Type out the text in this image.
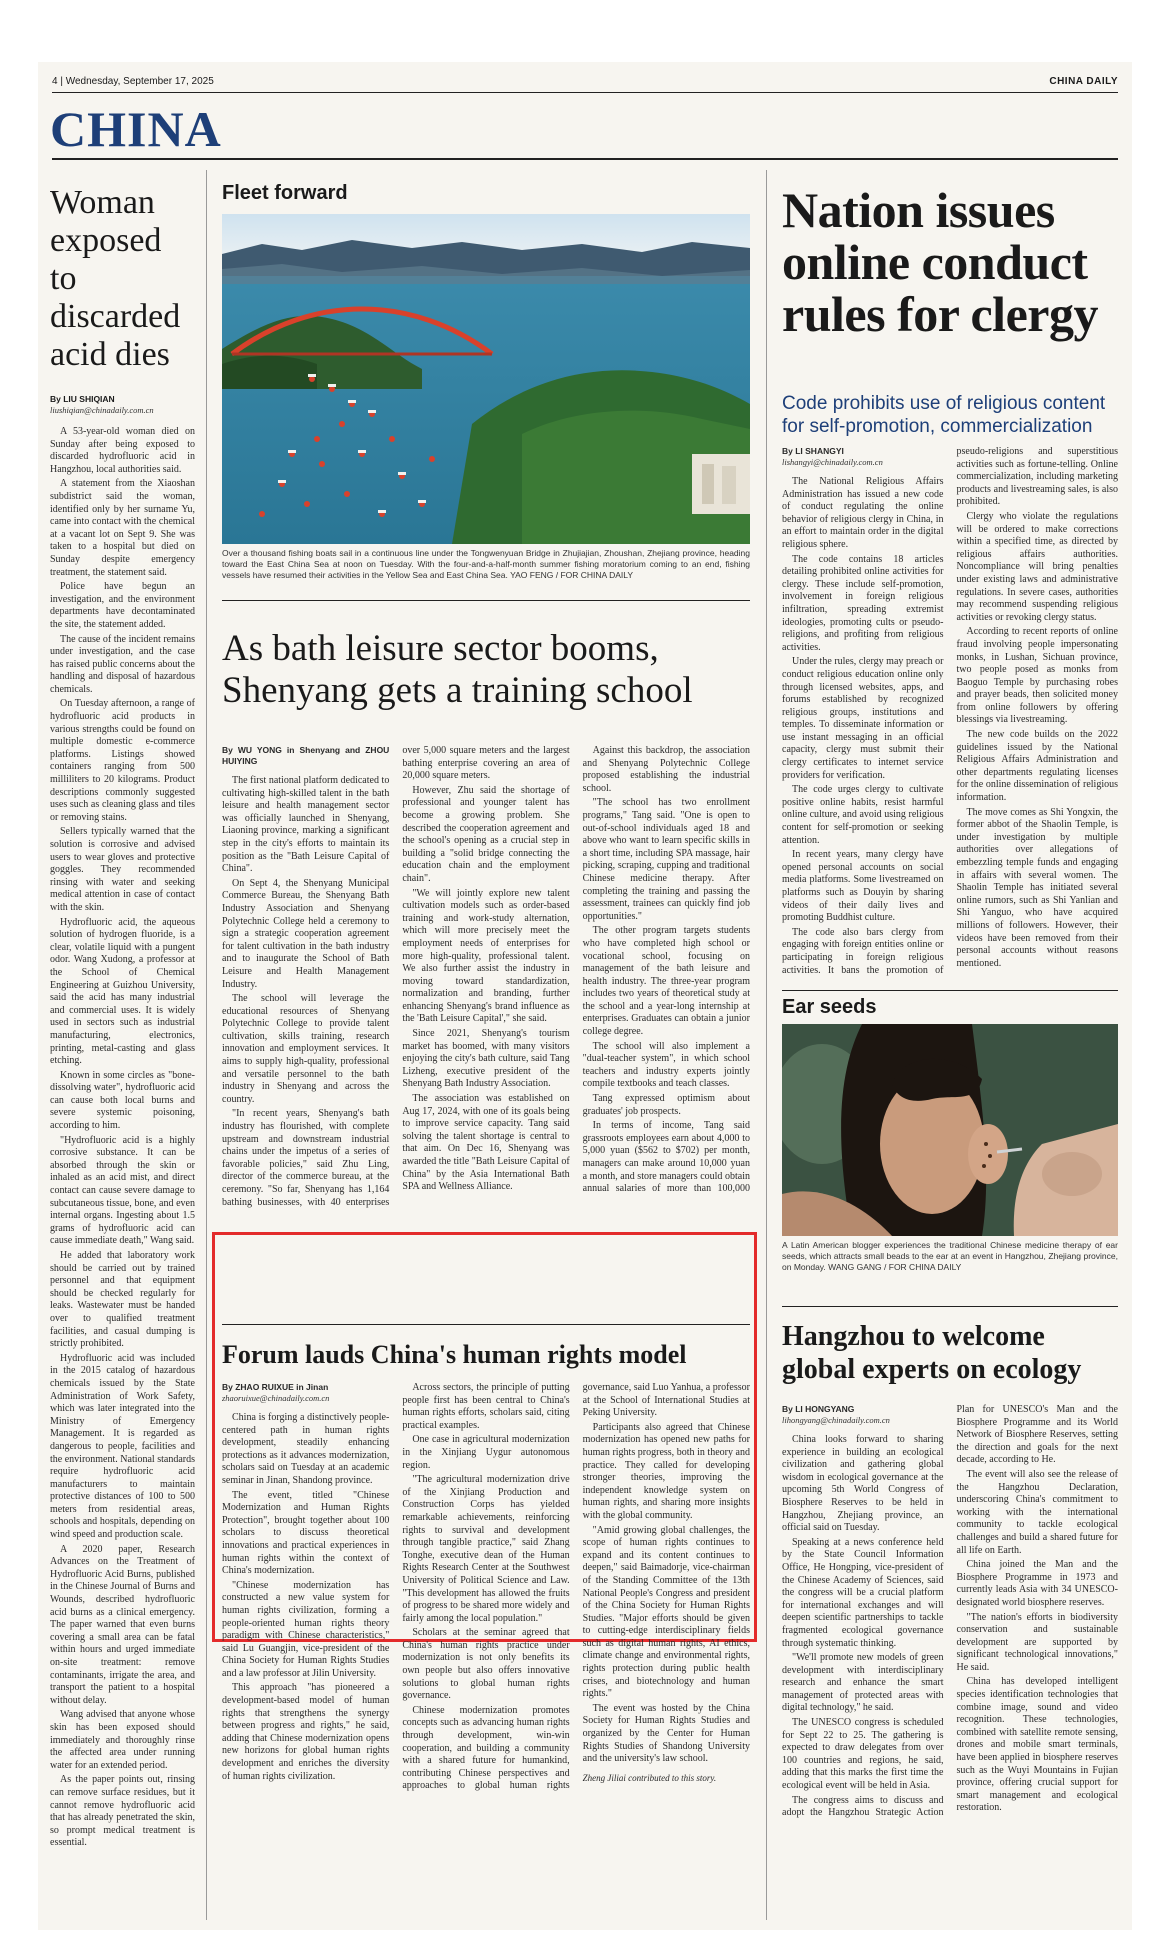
4 | Wednesday, September 17, 2025	CHINA DAILY
CHINA
Woman exposed to discarded acid dies
By LIU SHIQIAN
liushiqian@chinadaily.com.cn

A 53-year-old woman died on Sunday after being exposed to discarded hydrofluoric acid in Hangzhou, local authorities said.

A statement from the Xiaoshan subdistrict said the woman, identified only by her surname Yu, came into contact with the chemical at a vacant lot on Sept 9. She was taken to a hospital but died on Sunday despite emergency treatment, the statement said.

Police have begun an investigation, and the environment departments have decontaminated the site, the statement added.

The cause of the incident remains under investigation, and the case has raised public concerns about the handling and disposal of hazardous chemicals.

On Tuesday afternoon, a range of hydrofluoric acid products in various strengths could be found on multiple domestic e-commerce platforms. Listings showed containers ranging from 500 milliliters to 20 kilograms. Product descriptions commonly suggested uses such as cleaning glass and tiles or removing stains.

Sellers typically warned that the solution is corrosive and advised users to wear gloves and protective goggles. They recommended rinsing with water and seeking medical attention in case of contact with the skin.

Hydrofluoric acid, the aqueous solution of hydrogen fluoride, is a clear, volatile liquid with a pungent odor. Wang Xudong, a professor at the School of Chemical Engineering at Guizhou University, said the acid has many industrial and commercial uses. It is widely used in sectors such as industrial manufacturing, electronics, printing, metal-casting and glass etching.

Known in some circles as "bone-dissolving water", hydrofluoric acid can cause both local burns and severe systemic poisoning, according to him.

"Hydrofluoric acid is a highly corrosive substance. It can be absorbed through the skin or inhaled as an acid mist, and direct contact can cause severe damage to subcutaneous tissue, bone, and even internal organs. Ingesting about 1.5 grams of hydrofluoric acid can cause immediate death," Wang said.

He added that laboratory work should be carried out by trained personnel and that equipment should be checked regularly for leaks. Wastewater must be handed over to qualified treatment facilities, and casual dumping is strictly prohibited.

Hydrofluoric acid was included in the 2015 catalog of hazardous chemicals issued by the State Administration of Work Safety, which was later integrated into the Ministry of Emergency Management. It is regarded as dangerous to people, facilities and the environment. National standards require hydrofluoric acid manufacturers to maintain protective distances of 100 to 500 meters from residential areas, schools and hospitals, depending on wind speed and production scale.

A 2020 paper, Research Advances on the Treatment of Hydrofluoric Acid Burns, published in the Chinese Journal of Burns and Wounds, described hydrofluoric acid burns as a clinical emergency. The paper warned that even burns covering a small area can be fatal within hours and urged immediate on-site treatment: remove contaminants, irrigate the area, and transport the patient to a hospital without delay.

Wang advised that anyone whose skin has been exposed should immediately and thoroughly rinse the affected area under running water for an extended period.

As the paper points out, rinsing can remove surface residues, but it cannot remove hydrofluoric acid that has already penetrated the skin, so prompt medical treatment is essential.

Fleet forward
Over a thousand fishing boats sail in a continuous line under the Tongwenyuan Bridge in Zhujiajian, Zhoushan, Zhejiang province, heading toward the East China Sea at noon on Tuesday. With the four-and-a-half-month summer fishing moratorium coming to an end, fishing vessels have resumed their activities in the Yellow Sea and East China Sea. YAO FENG / FOR CHINA DAILY
As bath leisure sector booms, Shenyang gets a training school
By WU YONG in Shenyang and ZHOU HUIYING

The first national platform dedicated to cultivating high-skilled talent in the bath leisure and health management sector was officially launched in Shenyang, Liaoning province, marking a significant step in the city's efforts to maintain its position as the "Bath Leisure Capital of China".

On Sept 4, the Shenyang Municipal Commerce Bureau, the Shenyang Bath Industry Association and Shenyang Polytechnic College held a ceremony to sign a strategic cooperation agreement for talent cultivation in the bath industry and to inaugurate the School of Bath Leisure and Health Management Industry.

The school will leverage the educational resources of Shenyang Polytechnic College to provide talent cultivation, skills training, research innovation and employment services. It aims to supply high-quality, professional and versatile personnel to the bath industry in Shenyang and across the country.

"In recent years, Shenyang's bath industry has flourished, with complete upstream and downstream industrial chains under the impetus of a series of favorable policies," said Zhu Ling, director of the commerce bureau, at the ceremony. "So far, Shenyang has 1,164 bathing businesses, with 40 enterprises over 5,000 square meters and the largest bathing enterprise covering an area of 20,000 square meters.

However, Zhu said the shortage of professional and younger talent has become a growing problem. She described the cooperation agreement and the school's opening as a crucial step in building a "solid bridge connecting the education chain and the employment chain".

"We will jointly explore new talent cultivation models such as order-based training and work-study alternation, which will more precisely meet the employment needs of enterprises for more high-quality, professional talent. We also further assist the industry in moving toward standardization, normalization and branding, further enhancing Shenyang's brand influence as the 'Bath Leisure Capital'," she said.

Since 2021, Shenyang's tourism market has boomed, with many visitors enjoying the city's bath culture, said Tang Lizheng, executive president of the Shenyang Bath Industry Association.

The association was established on Aug 17, 2024, with one of its goals being to improve service capacity. Tang said solving the talent shortage is central to that aim. On Dec 16, Shenyang was awarded the title "Bath Leisure Capital of China" by the Asia International Bath SPA and Wellness Alliance.

Against this backdrop, the association and Shenyang Polytechnic College proposed establishing the industrial school.

"The school has two enrollment programs," Tang said. "One is open to out-of-school individuals aged 18 and above who want to learn specific skills in a short time, including SPA massage, hair picking, scraping, cupping and traditional Chinese medicine therapy. After completing the training and passing the assessment, trainees can quickly find job opportunities."

The other program targets students who have completed high school or vocational school, focusing on management of the bath leisure and health industry. The three-year program includes two years of theoretical study at the school and a year-long internship at enterprises. Graduates can obtain a junior college degree.

The school will also implement a "dual-teacher system", in which school teachers and industry experts jointly compile textbooks and teach classes.

Tang expressed optimism about graduates' job prospects.

In terms of income, Tang said grassroots employees earn about 4,000 to 5,000 yuan ($562 to $702) per month, managers can make around 10,000 yuan a month, and store managers could obtain annual salaries of more than 100,000

Forum lauds China's human rights model
By ZHAO RUIXUE in Jinan
zhaoruixue@chinadaily.com.cn

China is forging a distinctively people-centered path in human rights development, steadily enhancing protections as it advances modernization, scholars said on Tuesday at an academic seminar in Jinan, Shandong province.

The event, titled "Chinese Modernization and Human Rights Protection", brought together about 100 scholars to discuss theoretical innovations and practical experiences in human rights within the context of China's modernization.

"Chinese modernization has constructed a new value system for human rights civilization, forming a people-oriented human rights theory paradigm with Chinese characteristics," said Lu Guangjin, vice-president of the China Society for Human Rights Studies and a law professor at Jilin University.

This approach "has pioneered a development-based model of human rights that strengthens the synergy between progress and rights," he said, adding that Chinese modernization opens new horizons for global human rights development and enriches the diversity of human rights civilization.

Across sectors, the principle of putting people first has been central to China's human rights efforts, scholars said, citing practical examples.

One case in agricultural modernization in the Xinjiang Uygur autonomous region.

"The agricultural modernization drive of the Xinjiang Production and Construction Corps has yielded remarkable achievements, reinforcing rights to survival and development through tangible practice," said Zhang Tonghe, executive dean of the Human Rights Research Center at the Southwest University of Political Science and Law. "This development has allowed the fruits of progress to be shared more widely and fairly among the local population."

Scholars at the seminar agreed that China's human rights practice under modernization is not only benefits its own people but also offers innovative solutions to global human rights governance.

Chinese modernization promotes concepts such as advancing human rights through development, win-win cooperation, and building a community with a shared future for humankind, contributing Chinese perspectives and approaches to global human rights governance, said Luo Yanhua, a professor at the School of International Studies at Peking University.

Participants also agreed that Chinese modernization has opened new paths for human rights progress, both in theory and practice. They called for developing stronger theories, improving the independent knowledge system on human rights, and sharing more insights with the global community.

"Amid growing global challenges, the scope of human rights continues to expand and its content continues to deepen," said Baimadorje, vice-chairman of the Standing Committee of the 13th National People's Congress and president of the China Society for Human Rights Studies. "Major efforts should be given to cutting-edge interdisciplinary fields such as digital human rights, AI ethics, climate change and environmental rights, rights protection during public health crises, and biotechnology and human rights."

The event was hosted by the China Society for Human Rights Studies and organized by the Center for Human Rights Studies of Shandong University and the university's law school.

Zheng Jiliai contributed to this story.

Nation issues online conduct rules for clergy
Code prohibits use of religious content for self-promotion, commercialization
By LI SHANGYI
lishangyi@chinadaily.com.cn

The National Religious Affairs Administration has issued a new code of conduct regulating the online behavior of religious clergy in China, in an effort to maintain order in the digital religious sphere.

The code contains 18 articles detailing prohibited online activities for clergy. These include self-promotion, involvement in foreign religious infiltration, spreading extremist ideologies, promoting cults or pseudo-religions, and profiting from religious activities.

Under the rules, clergy may preach or conduct religious education online only through licensed websites, apps, and forums established by recognized religious groups, institutions and temples. To disseminate information or use instant messaging in an official capacity, clergy must submit their clergy certificates to internet service providers for verification.

The code urges clergy to cultivate positive online habits, resist harmful online culture, and avoid using religious content for self-promotion or seeking attention.

In recent years, many clergy have opened personal accounts on social media platforms. Some livestreamed on platforms such as Douyin by sharing videos of their daily lives and promoting Buddhist culture.

The code also bars clergy from engaging with foreign entities online or participating in foreign religious activities. It bans the promotion of pseudo-religions and superstitious activities such as fortune-telling. Online commercialization, including marketing products and livestreaming sales, is also prohibited.

Clergy who violate the regulations will be ordered to make corrections within a specified time, as directed by religious affairs authorities. Noncompliance will bring penalties under existing laws and administrative regulations. In severe cases, authorities may recommend suspending religious activities or revoking clergy status.

According to recent reports of online fraud involving people impersonating monks, in Lushan, Sichuan province, two people posed as monks from Baoguo Temple by purchasing robes and prayer beads, then solicited money from online followers by offering blessings via livestreaming.

The new code builds on the 2022 guidelines issued by the National Religious Affairs Administration and other departments regulating licenses for the online dissemination of religious information.

The move comes as Shi Yongxin, the former abbot of the Shaolin Temple, is under investigation by multiple authorities over allegations of embezzling temple funds and engaging in affairs with several women. The Shaolin Temple has initiated several online rumors, such as Shi Yanlian and Shi Yanguo, who have acquired millions of followers. However, their videos have been removed from their personal accounts without reasons mentioned.

Ear seeds
A Latin American blogger experiences the traditional Chinese medicine therapy of ear seeds, which attracts small beads to the ear at an event in Hangzhou, Zhejiang province, on Monday. WANG GANG / FOR CHINA DAILY
Hangzhou to welcome global experts on ecology
By LI HONGYANG
lihongyang@chinadaily.com.cn

China looks forward to sharing experience in building an ecological civilization and gathering global wisdom in ecological governance at the upcoming 5th World Congress of Biosphere Reserves to be held in Hangzhou, Zhejiang province, an official said on Tuesday.

Speaking at a news conference held by the State Council Information Office, He Hongping, vice-president of the Chinese Academy of Sciences, said the congress will be a crucial platform for international exchanges and will deepen scientific partnerships to tackle fragmented ecological governance through systematic thinking.

"We'll promote new models of green development with interdisciplinary research and enhance the smart management of protected areas with digital technology," he said.

The UNESCO congress is scheduled for Sept 22 to 25. The gathering is expected to draw delegates from over 100 countries and regions, he said, adding that this marks the first time the ecological event will be held in Asia.

The congress aims to discuss and adopt the Hangzhou Strategic Action Plan for UNESCO's Man and the Biosphere Programme and its World Network of Biosphere Reserves, setting the direction and goals for the next decade, according to He.

The event will also see the release of the Hangzhou Declaration, underscoring China's commitment to working with the international community to tackle ecological challenges and build a shared future for all life on Earth.

China joined the Man and the Biosphere Programme in 1973 and currently leads Asia with 34 UNESCO-designated world biosphere reserves.

"The nation's efforts in biodiversity conservation and sustainable development are supported by significant technological innovations," He said.

China has developed intelligent species identification technologies that combine image, sound and video recognition. These technologies, combined with satellite remote sensing, drones and mobile smart terminals, have been applied in biosphere reserves such as the Wuyi Mountains in Fujian province, offering crucial support for smart management and ecological restoration.
